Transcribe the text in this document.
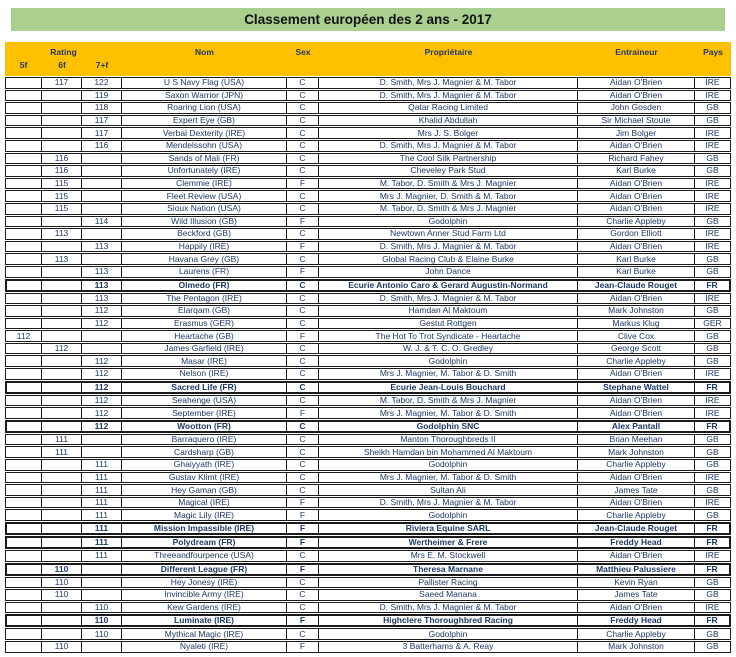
Classement européen des 2 ans - 2017
Rating	Nom	Sex	Propriétaire	Entraineur	Pays
5f	6f	7+f
	117	122	U S Navy Flag (USA)	C	D. Smith, Mrs J. Magnier & M. Tabor	Aidan O'Brien	IRE
		119	Saxon Warrior (JPN)	C	D. Smith, Mrs J. Magnier & M. Tabor	Aidan O'Brien	IRE
		118	Roaring Lion (USA)	C	Qatar Racing Limited	John Gosden	GB
		117	Expert Eye (GB)	C	Khalid Abdullah	Sir Michael Stoute	GB
		117	Verbal Dexterity (IRE)	C	Mrs J. S. Bolger	Jim Bolger	IRE
		116	Mendelssohn (USA)	C	D. Smith, Mrs J. Magnier & M. Tabor	Aidan O'Brien	IRE
	116		Sands of Mali (FR)	C	The Cool Silk Partnership	Richard Fahey	GB
	116		Unfortunately (IRE)	C	Cheveley Park Stud	Karl Burke	GB
	115		Clemmie (IRE)	F	M. Tabor, D. Smith & Mrs J. Magnier	Aidan O'Brien	IRE
	115		Fleet Review (USA)	C	Mrs J. Magnier, D. Smith & M. Tabor	Aidan O'Brien	IRE
	115		Sioux Nation (USA)	C	M. Tabor, D. Smith & Mrs J. Magnier	Aidan O'Brien	IRE
		114	Wild Illusion (GB)	F	Godolphin	Charlie Appleby	GB
	113		Beckford (GB)	C	Newtown Anner Stud Farm Ltd	Gordon Elliott	IRE
		113	Happily (IRE)	F	D. Smith, Mrs J. Magnier & M. Tabor	Aidan O'Brien	IRE
	113		Havana Grey (GB)	C	Global Racing Club & Elaine Burke	Karl Burke	GB
		113	Laurens (FR)	F	John Dance	Karl Burke	GB
		113	Olmedo (FR)	C	Ecurie Antonio Caro & Gerard Augustin-Normand	Jean-Claude Rouget	FR
		113	The Pentagon (IRE)	C	D. Smith, Mrs J. Magnier & M. Tabor	Aidan O'Brien	IRE
		112	Elarqam (GB)	C	Hamdan Al Maktoum	Mark Johnston	GB
		112	Erasmus (GER)	C	Gestut Rottgen	Markus Klug	GER
112			Heartache (GB)	F	The Hot To Trot Syndicate - Heartache	Clive Cox	GB
	112		James Garfield (IRE)	C	W. J. & T. C. O. Gredley	George Scott	GB
		112	Masar (IRE)	C	Godolphin	Charlie Appleby	GB
		112	Nelson (IRE)	C	Mrs J. Magnier, M. Tabor & D. Smith	Aidan O'Brien	IRE
		112	Sacred Life (FR)	C	Ecurie Jean-Louis Bouchard	Stephane Wattel	FR
		112	Seahenge (USA)	C	M. Tabor, D. Smith & Mrs J. Magnier	Aidan O'Brien	IRE
		112	September (IRE)	F	Mrs J. Magnier, M. Tabor & D. Smith	Aidan O'Brien	IRE
		112	Wootton (FR)	C	Godolphin SNC	Alex Pantall	FR
	111		Barraquero (IRE)	C	Manton Thoroughbreds II	Brian Meehan	GB
	111		Cardsharp (GB)	C	Sheikh Hamdan bin Mohammed Al Maktoum	Mark Johnston	GB
		111	Ghaiyyath (IRE)	C	Godolphin	Charlie Appleby	GB
		111	Gustav Klimt (IRE)	C	Mrs J. Magnier, M. Tabor & D. Smith	Aidan O'Brien	IRE
		111	Hey Gaman (GB)	C	Sultan Ali	James Tate	GB
		111	Magical (IRE)	F	D. Smith, Mrs J. Magnier & M. Tabor	Aidan O'Brien	IRE
		111	Magic Lily (IRE)	F	Godolphin	Charlie Appleby	GB
		111	Mission Impassible (IRE)	F	Riviera Equine SARL	Jean-Claude Rouget	FR
		111	Polydream (FR)	F	Wertheimer & Frere	Freddy Head	FR
		111	Threeandfourpence (USA)	C	Mrs E. M. Stockwell	Aidan O'Brien	IRE
	110		Different League (FR)	F	Theresa Marnane	Matthieu Palussiere	FR
	110		Hey Jonesy (IRE)	C	Pallister Racing	Kevin Ryan	GB
	110		Invincible Army (IRE)	C	Saeed Manana	James Tate	GB
		110	Kew Gardens (IRE)	C	D. Smith, Mrs J. Magnier & M. Tabor	Aidan O'Brien	IRE
		110	Luminate (IRE)	F	Highclere Thoroughbred Racing	Freddy Head	FR
		110	Mythical Magic (IRE)	C	Godolphin	Charlie Appleby	GB
	110		Nyaleti (IRE)	F	3 Batterhams & A. Reay	Mark Johnston	GB
